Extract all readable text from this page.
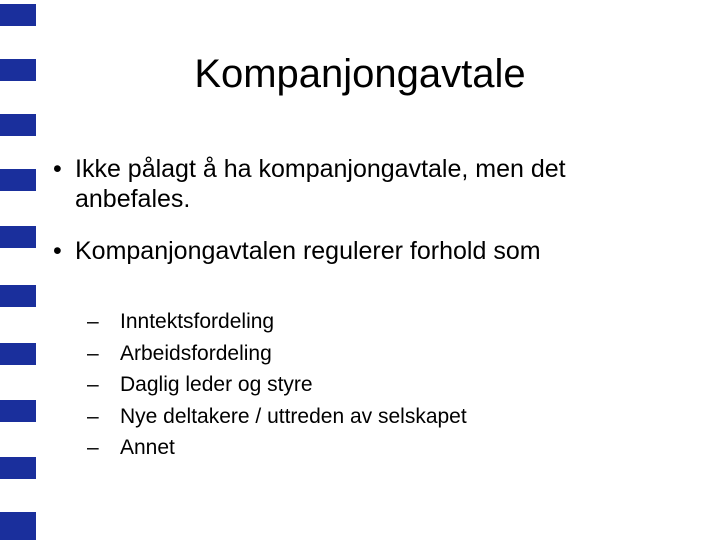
Kompanjongavtale
• Ikke pålagt å ha kompanjongavtale, men det anbefales.
• Kompanjongavtalen regulerer forhold som
– Inntektsfordeling
– Arbeidsfordeling
– Daglig leder og styre
– Nye deltakere / uttreden av selskapet
– Annet
